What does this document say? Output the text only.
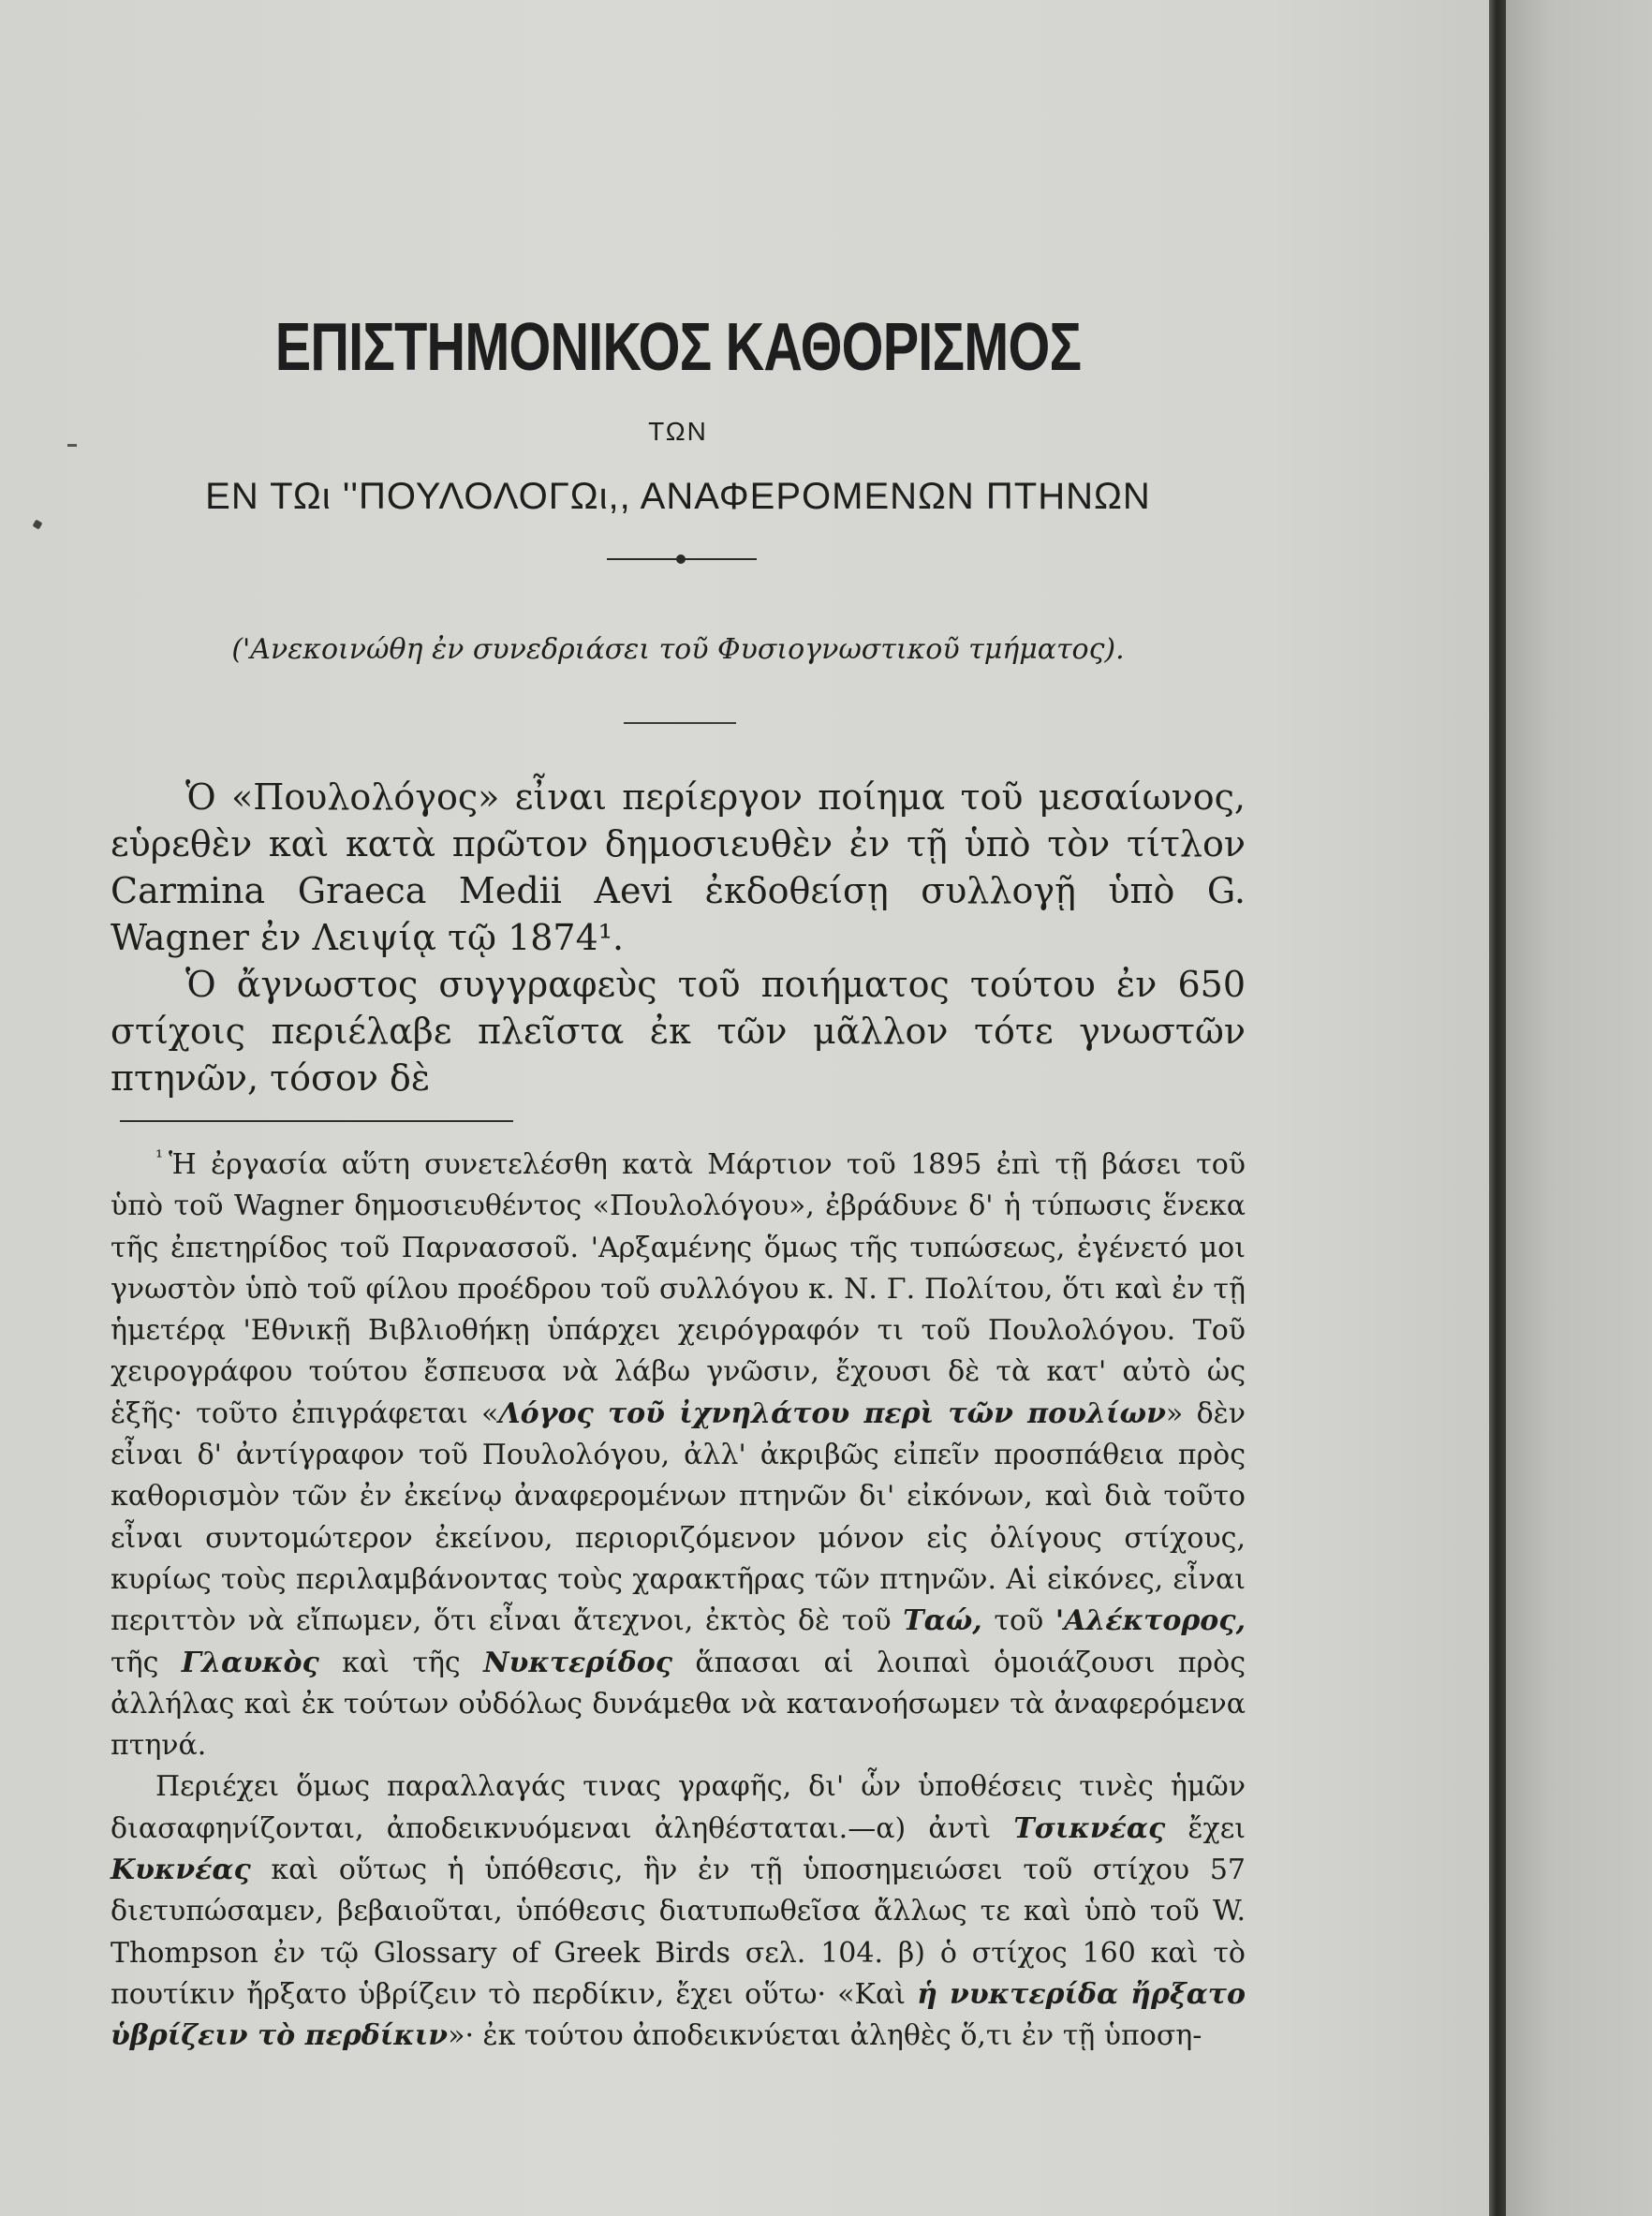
ΕΠΙΣΤΗΜΟΝΙΚΟΣ ΚΑΘΟΡΙΣΜΟΣ
ΤΩΝ
ΕΝ ΤΩι ''ΠΟΥΛΟΛΟΓΩι,, ΑΝΑΦΕΡΟΜΕΝΩΝ ΠΤΗΝΩΝ
('Ανεκοινώθη ἐν συνεδριάσει τοῦ Φυσιογνωστικοῦ τμήματος).

Ὁ «Πουλολόγος» εἶναι περίεργον ποίημα τοῦ μεσαίωνος, εὑρεθὲν καὶ κατὰ πρῶτον δημοσιευθὲν ἐν τῇ ὑπὸ τὸν τίτλον Carmina Graeca Medii Aevi ἐκδοθείσῃ συλλογῇ ὑπὸ G. Wagner ἐν Λειψίᾳ τῷ 1874¹.

Ὁ ἄγνωστος συγγραφεὺς τοῦ ποιήματος τούτου ἐν 650 στίχοις περιέλαβε πλεῖστα ἐκ τῶν μᾶλλον τότε γνωστῶν πτηνῶν, τόσον δὲ

$^{^1}$ Ἡ ἐργασία αὕτη συνετελέσθη κατὰ Μάρτιον τοῦ 1895 ἐπὶ τῇ βάσει τοῦ ὑπὸ τοῦ Wagner δημοσιευθέντος «Πουλολόγου», ἐβράδυνε δ' ἡ τύπωσις ἕνεκα τῆς ἐπετηρίδος τοῦ Παρνασσοῦ. 'Αρξαμένης ὅμως τῆς τυπώσεως, ἐγένετό μοι γνωστὸν ὑπὸ τοῦ φίλου προέδρου τοῦ συλλόγου κ. Ν. Γ. Πολίτου, ὅτι καὶ ἐν τῇ ἡμετέρᾳ 'Εθνικῇ Βιβλιοθήκῃ ὑπάρχει χειρόγραφόν τι τοῦ Πουλολόγου. Τοῦ χειρογράφου τούτου ἔσπευσα νὰ λάβω γνῶσιν, ἔχουσι δὲ τὰ κατ' αὐτὸ ὡς ἑξῆς· τοῦτο ἐπιγράφεται «Λόγος τοῦ ἰχνηλάτου περὶ τῶν πουλίων» δὲν εἶναι δ' ἀντίγραφον τοῦ Πουλολόγου, ἀλλ' ἀκριβῶς εἰπεῖν προσπάθεια πρὸς καθορισμὸν τῶν ἐν ἐκείνῳ ἀναφερομένων πτηνῶν δι' εἰκόνων, καὶ διὰ τοῦτο εἶναι συντομώτερον ἐκείνου, περιοριζόμενον μόνον εἰς ὀλίγους στίχους, κυρίως τοὺς περιλαμβάνοντας τοὺς χαρακτῆρας τῶν πτηνῶν. Αἱ εἰκόνες, εἶναι περιττὸν νὰ εἴπωμεν, ὅτι εἶναι ἄτεχνοι, ἐκτὸς δὲ τοῦ Ταώ, τοῦ 'Αλέκτορος, τῆς Γλαυκὸς καὶ τῆς Νυκτερίδος ἅπασαι αἱ λοιπαὶ ὁμοιάζουσι πρὸς ἀλλήλας καὶ ἐκ τούτων οὐδόλως δυνάμεθα νὰ κατανοήσωμεν τὰ ἀναφερόμενα πτηνά.

Περιέχει ὅμως παραλλαγάς τινας γραφῆς, δι' ὧν ὑποθέσεις τινὲς ἡμῶν διασαφηνίζονται, ἀποδεικνυόμεναι ἀληθέσταται.—α) ἀντὶ Τσικνέας ἔχει Κυκνέας καὶ οὕτως ἡ ὑπόθεσις, ἣν ἐν τῇ ὑποσημειώσει τοῦ στίχου 57 διετυπώσαμεν, βεβαιοῦται, ὑπόθεσις διατυπωθεῖσα ἄλλως τε καὶ ὑπὸ τοῦ W. Thompson ἐν τῷ Glossary of Greek Birds σελ. 104. β) ὁ στίχος 160 καὶ τὸ πουτίκιν ἤρξατο ὑβρίζειν τὸ περδίκιν, ἔχει οὕτω· «Καὶ ἡ νυκτερίδα ἤρξατο ὑβρίζειν τὸ περδίκιν»· ἐκ τούτου ἀποδεικνύεται ἀληθὲς ὅ,τι ἐν τῇ ὑποση-
